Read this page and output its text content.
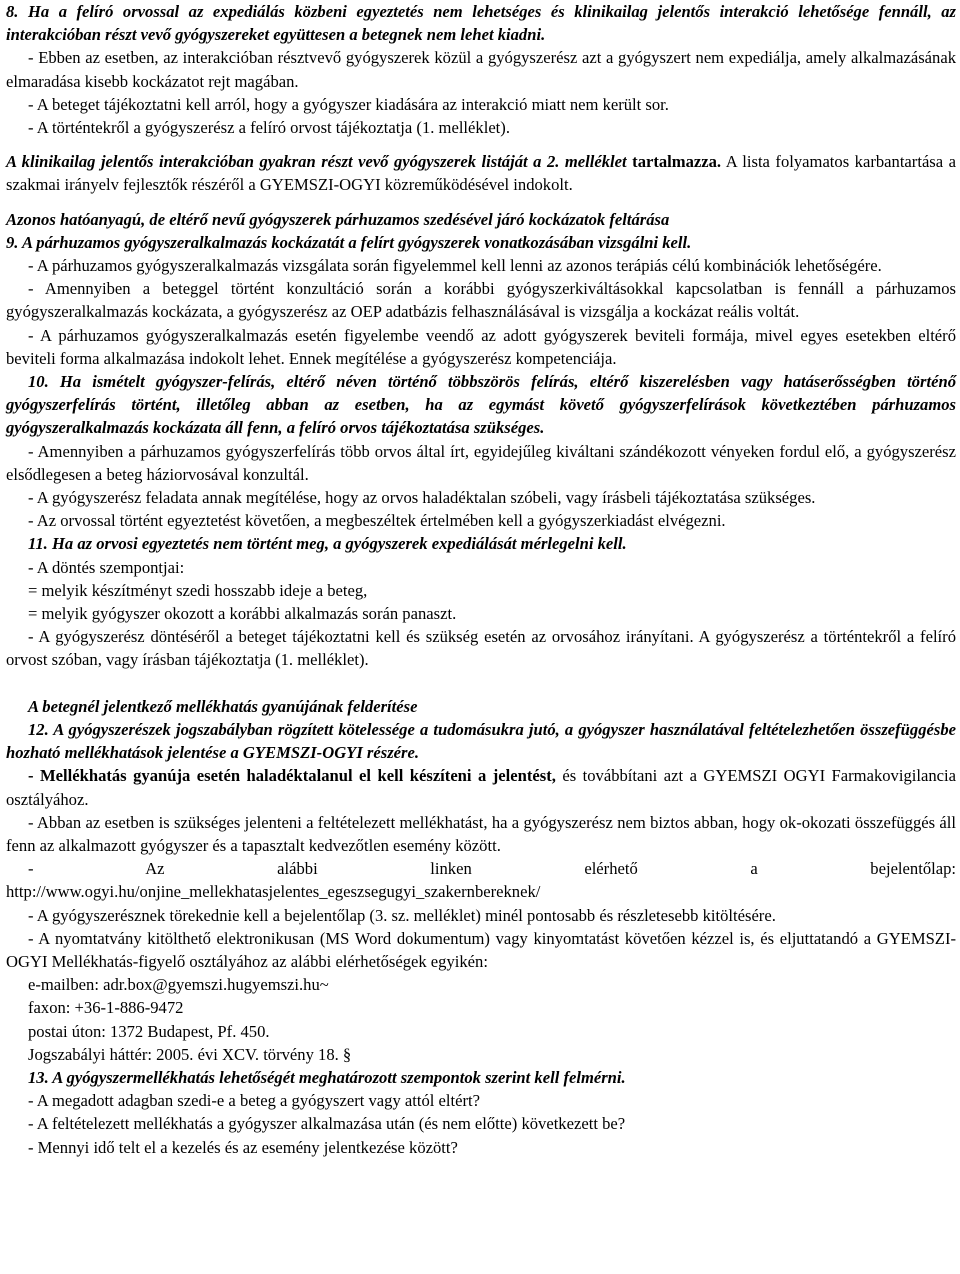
8. Ha a felíró orvossal az expediálás közbeni egyeztetés nem lehetséges és klinikailag jelentős interakció lehetősége fennáll, az interakcióban részt vevő gyógyszereket együttesen a betegnek nem lehet kiadni.

- Ebben az esetben, az interakcióban résztvevő gyógyszerek közül a gyógyszerész azt a gyógyszert nem expediálja, amely alkalmazásának elmaradása kisebb kockázatot rejt magában.

- A beteget tájékoztatni kell arról, hogy a gyógyszer kiadására az interakció miatt nem került sor.

- A történtekről a gyógyszerész a felíró orvost tájékoztatja (1. melléklet).

A klinikailag jelentős interakcióban gyakran részt vevő gyógyszerek listáját a 2. melléklet tartalmazza. A lista folyamatos karbantartása a szakmai irányelv fejlesztők részéről a GYEMSZI-OGYI közreműködésével indokolt.

Azonos hatóanyagú, de eltérő nevű gyógyszerek párhuzamos szedésével járó kockázatok feltárása

9. A párhuzamos gyógyszeralkalmazás kockázatát a felírt gyógyszerek vonatkozásában vizsgálni kell.

- A párhuzamos gyógyszeralkalmazás vizsgálata során figyelemmel kell lenni az azonos terápiás célú kombinációk lehetőségére.

- Amennyiben a beteggel történt konzultáció során a korábbi gyógyszerkiváltásokkal kapcsolatban is fennáll a párhuzamos gyógyszeralkalmazás kockázata, a gyógyszerész az OEP adatbázis felhasználásával is vizsgálja a kockázat reális voltát.

- A párhuzamos gyógyszeralkalmazás esetén figyelembe veendő az adott gyógyszerek beviteli formája, mivel egyes esetekben eltérő beviteli forma alkalmazása indokolt lehet. Ennek megítélése a gyógyszerész kompetenciája.

10. Ha ismételt gyógyszer-felírás, eltérő néven történő többszörös felírás, eltérő kiszerelésben vagy hatáserősségben történő gyógyszerfelírás történt, illetőleg abban az esetben, ha az egymást követő gyógyszerfelírások következtében párhuzamos gyógyszeralkalmazás kockázata áll fenn, a felíró orvos tájékoztatása szükséges.

- Amennyiben a párhuzamos gyógyszerfelírás több orvos által írt, egyidejűleg kiváltani szándékozott vényeken fordul elő, a gyógyszerész elsődlegesen a beteg háziorvosával konzultál.

- A gyógyszerész feladata annak megítélése, hogy az orvos haladéktalan szóbeli, vagy írásbeli tájékoztatása szükséges.

- Az orvossal történt egyeztetést követően, a megbeszéltek értelmében kell a gyógyszerkiadást elvégezni.

11. Ha az orvosi egyeztetés nem történt meg, a gyógyszerek expediálását mérlegelni kell.

- A döntés szempontjai:

= melyik készítményt szedi hosszabb ideje a beteg,

= melyik gyógyszer okozott a korábbi alkalmazás során panaszt.

- A gyógyszerész döntéséről a beteget tájékoztatni kell és szükség esetén az orvosához irányítani. A gyógyszerész a történtekről a felíró orvost szóban, vagy írásban tájékoztatja (1. melléklet).

A betegnél jelentkező mellékhatás gyanújának felderítése

12. A gyógyszerészek jogszabályban rögzített kötelessége a tudomásukra jutó, a gyógyszer használatával feltételezhetően összefüggésbe hozható mellékhatások jelentése a GYEMSZI-OGYI részére.

- Mellékhatás gyanúja esetén haladéktalanul el kell készíteni a jelentést, és továbbítani azt a GYEMSZI OGYI Farmakovigilancia osztályához.

- Abban az esetben is szükséges jelenteni a feltételezett mellékhatást, ha a gyógyszerész nem biztos abban, hogy ok-okozati összefüggés áll fenn az alkalmazott gyógyszer és a tapasztalt kedvezőtlen esemény között.

- Az alábbi linken elérhető a bejelentőlap:

http://www.ogyi.hu/onjine_mellekhatasjelentes_egeszsegugyi_szakernbereknek/

- A gyógyszerésznek törekednie kell a bejelentőlap (3. sz. melléklet) minél pontosabb és részletesebb kitöltésére.

- A nyomtatvány kitölthető elektronikusan (MS Word dokumentum) vagy kinyomtatást követően kézzel is, és eljuttatandó a GYEMSZI-OGYI Mellékhatás-figyelő osztályához az alábbi elérhetőségek egyikén:

e-mailben: adr.box@gyemszi.hugyemszi.hu~

faxon: +36-1-886-9472

postai úton: 1372 Budapest, Pf. 450.

Jogszabályi háttér: 2005. évi XCV. törvény 18. §

13. A gyógyszermellékhatás lehetőségét meghatározott szempontok szerint kell felmérni.

- A megadott adagban szedi-e a beteg a gyógyszert vagy attól eltért?

- A feltételezett mellékhatás a gyógyszer alkalmazása után (és nem előtte) következett be?

- Mennyi idő telt el a kezelés és az esemény jelentkezése között?
